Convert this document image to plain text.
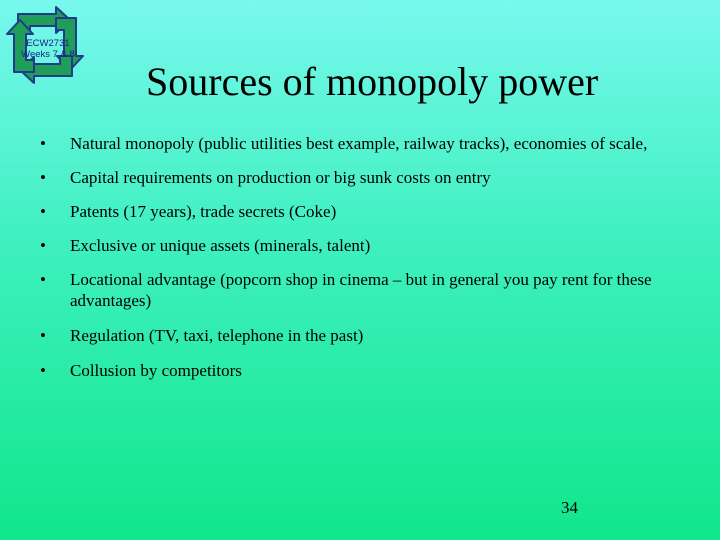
ECW2731
Weeks 7 & 8
Sources of monopoly power
• Natural monopoly (public utilities best example, railway tracks), economies of scale,
• Capital requirements on production or big sunk costs on entry
• Patents (17 years), trade secrets (Coke)
• Exclusive or unique assets (minerals, talent)
• Locational advantage (popcorn shop in cinema – but in general you pay rent for these advantages)
• Regulation (TV, taxi, telephone in the past)
• Collusion by competitors
34
